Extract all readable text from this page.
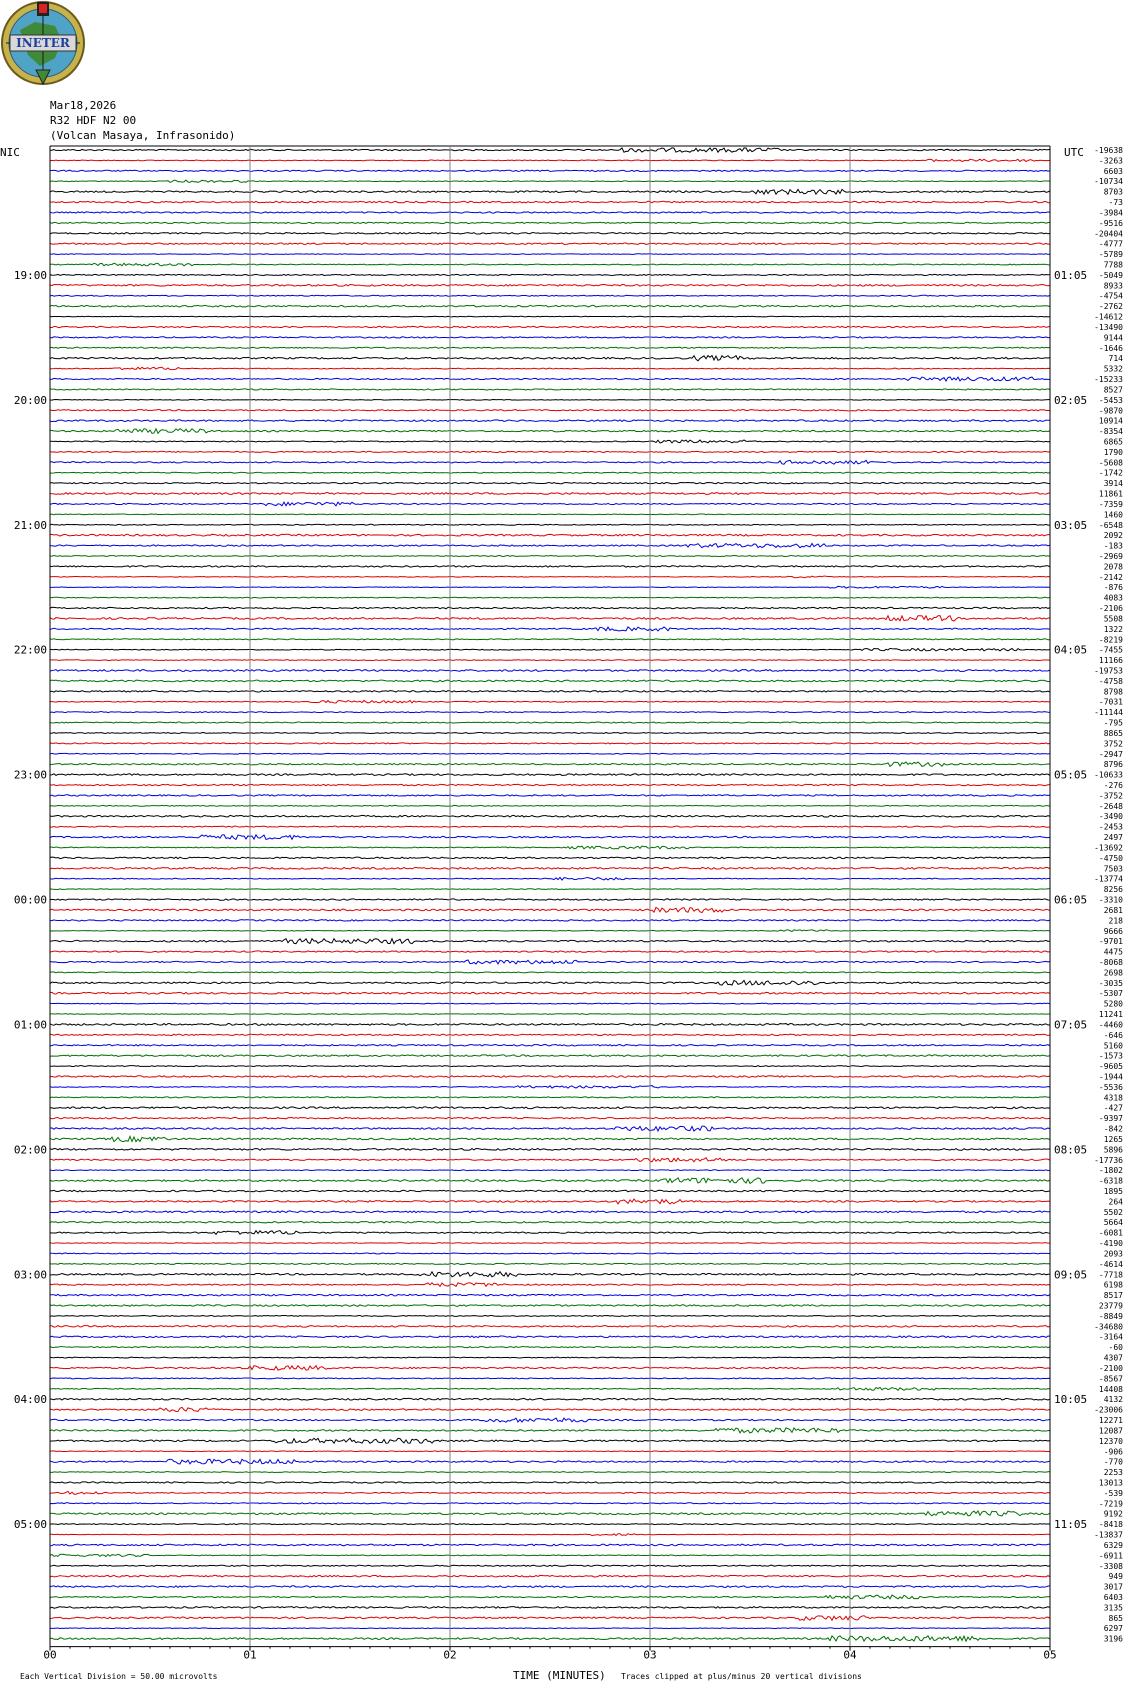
INETER
Mar18,2026
R32 HDF N2 00
(Volcan Masaya, Infrasonido)
-19638
-3263
6603
-10734
8703
-73
-3984
-9516
-20404
-4777
-5789
7788
-5049
8933
-4754
-2762
-14612
-13490
9144
-1646
714
5332
-15233
8527
-5453
-9870
10914
-8354
6865
1790
-5608
-1742
3914
11861
-7359
1460
-6548
2092
-183
-2969
2078
-2142
-876
4083
-2106
5508
1322
-8219
-7455
11166
-19753
-4758
8798
-7031
-11144
-795
8865
3752
-2947
8796
-10633
-276
-3752
-2648
-3490
-2453
2497
-13692
-4750
7503
-13774
8256
-3310
2681
218
9666
-9701
4475
-8068
2698
-3035
-5307
5280
11241
-4460
-646
5160
-1573
-9605
-1944
-5536
4318
-427
-9397
-842
1265
5896
-17736
-1802
-6318
1895
264
5502
5664
-6081
-4190
2093
-4614
-7718
6198
8517
23779
-8849
-34680
-3164
-60
4307
-2100
-8567
14408
4132
-23006
12271
12087
12370
-906
-770
2253
13013
-539
-7219
9192
-8418
-13837
6329
-6911
-3308
949
3017
6403
3135
865
6297
3196
00	01	02	03	04	05
19:00
20:00
21:00
22:00
23:00
00:00
01:00
02:00
03:00
04:00
05:00
01:05
02:05
03:05
04:05
05:05
06:05
07:05
08:05
09:05
10:05
11:05
NIC	UTC
Each Vertical Division = 50.00 microvolts	TIME (MINUTES) Traces clipped at plus/minus 20 vertical divisions
